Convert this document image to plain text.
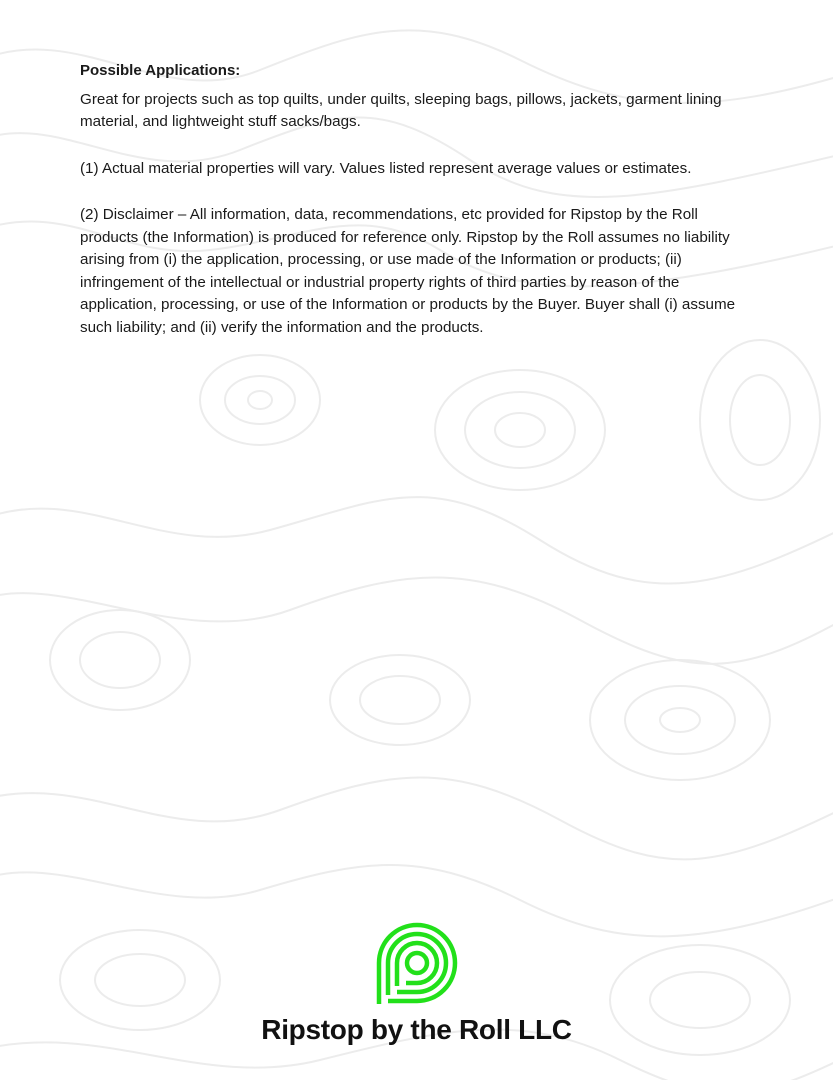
Possible Applications:

Great for projects such as top quilts, under quilts, sleeping bags, pillows, jackets, garment lining material, and lightweight stuff sacks/bags.

(1) Actual material properties will vary. Values listed represent average values or estimates.

(2) Disclaimer – All information, data, recommendations, etc provided for Ripstop by the Roll products (the Information) is produced for reference only. Ripstop by the Roll assumes no liability arising from (i) the application, processing, or use made of the Information or products; (ii) infringement of the intellectual or industrial property rights of third parties by reason of the application, processing, or use of the Information or products by the Buyer. Buyer shall (i) assume such liability; and (ii) verify the information and the products.

Ripstop by the Roll LLC
